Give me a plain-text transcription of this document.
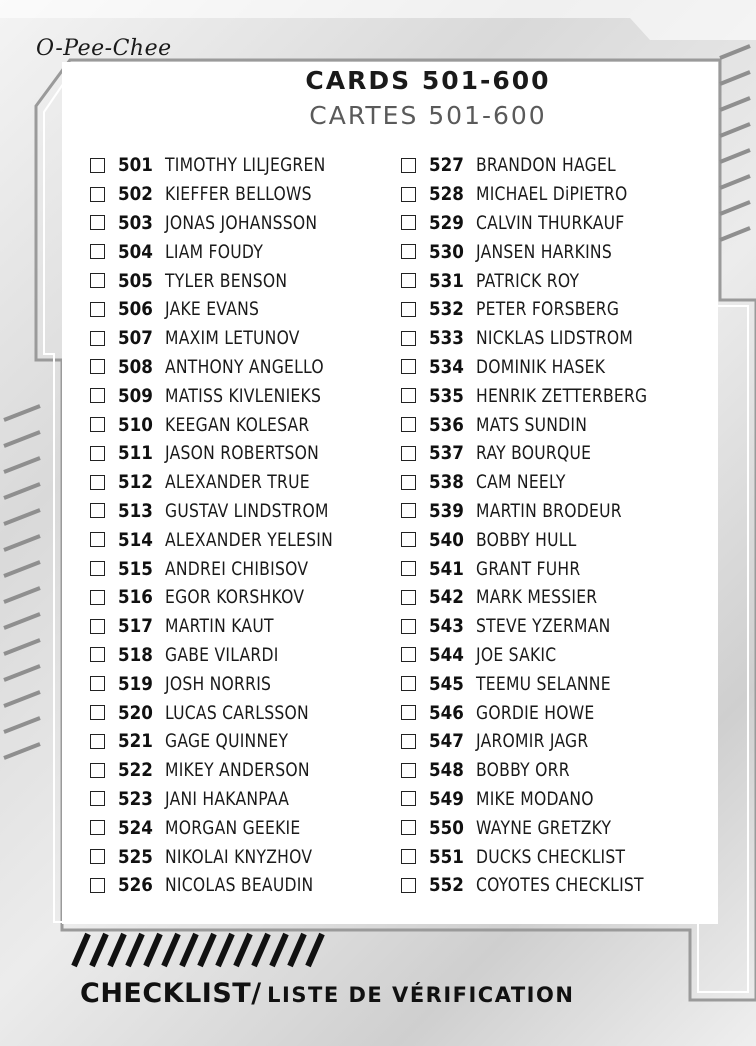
O-Pee-Chee
CARDS 501-600
CARTES 501-600
501 TIMOTHY LILJEGREN
502 KIEFFER BELLOWS
503 JONAS JOHANSSON
504 LIAM FOUDY
505 TYLER BENSON
506 JAKE EVANS
507 MAXIM LETUNOV
508 ANTHONY ANGELLO
509 MATISS KIVLENIEKS
510 KEEGAN KOLESAR
511 JASON ROBERTSON
512 ALEXANDER TRUE
513 GUSTAV LINDSTROM
514 ALEXANDER YELESIN
515 ANDREI CHIBISOV
516 EGOR KORSHKOV
517 MARTIN KAUT
518 GABE VILARDI
519 JOSH NORRIS
520 LUCAS CARLSSON
521 GAGE QUINNEY
522 MIKEY ANDERSON
523 JANI HAKANPAA
524 MORGAN GEEKIE
525 NIKOLAI KNYZHOV
526 NICOLAS BEAUDIN
527 BRANDON HAGEL
528 MICHAEL DiPIETRO
529 CALVIN THURKAUF
530 JANSEN HARKINS
531 PATRICK ROY
532 PETER FORSBERG
533 NICKLAS LIDSTROM
534 DOMINIK HASEK
535 HENRIK ZETTERBERG
536 MATS SUNDIN
537 RAY BOURQUE
538 CAM NEELY
539 MARTIN BRODEUR
540 BOBBY HULL
541 GRANT FUHR
542 MARK MESSIER
543 STEVE YZERMAN
544 JOE SAKIC
545 TEEMU SELANNE
546 GORDIE HOWE
547 JAROMIR JAGR
548 BOBBY ORR
549 MIKE MODANO
550 WAYNE GRETZKY
551 DUCKS CHECKLIST
552 COYOTES CHECKLIST
CHECKLIST/ LISTE DE VÉRIFICATION
